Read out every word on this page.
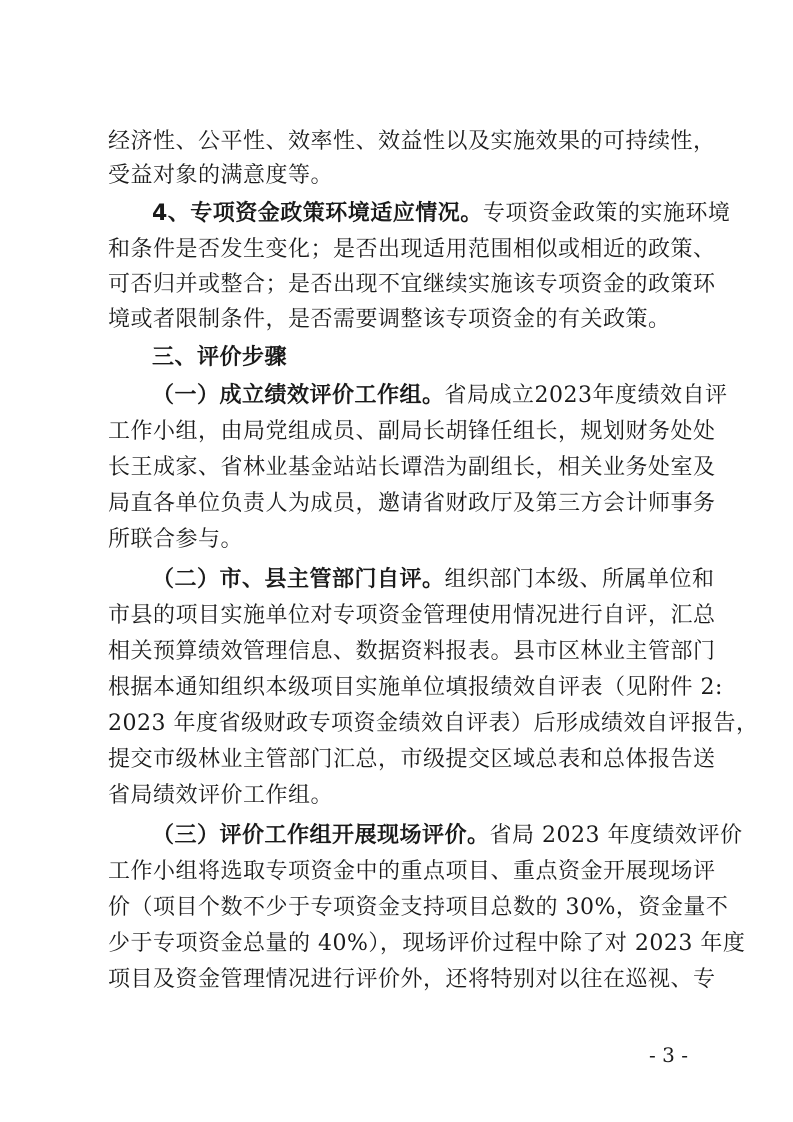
经济性、公平性、效率性、效益性以及实施效果的可持续性，
受益对象的满意度等。
4、专项资金政策环境适应情况。专项资金政策的实施环境
和条件是否发生变化；是否出现适用范围相似或相近的政策、
可否归并或整合；是否出现不宜继续实施该专项资金的政策环
境或者限制条件，是否需要调整该专项资金的有关政策。
三、评价步骤
（一）成立绩效评价工作组。省局成立2023年度绩效自评
工作小组，由局党组成员、副局长胡锋任组长，规划财务处处
长王成家、省林业基金站站长谭浩为副组长，相关业务处室及
局直各单位负责人为成员，邀请省财政厅及第三方会计师事务
所联合参与。
（二）市、县主管部门自评。组织部门本级、所属单位和
市县的项目实施单位对专项资金管理使用情况进行自评，汇总
相关预算绩效管理信息、数据资料报表。县市区林业主管部门
根据本通知组织本级项目实施单位填报绩效自评表（见附件 2:
2023 年度省级财政专项资金绩效自评表）后形成绩效自评报告，
提交市级林业主管部门汇总，市级提交区域总表和总体报告送
省局绩效评价工作组。
（三）评价工作组开展现场评价。省局 2023 年度绩效评价
工作小组将选取专项资金中的重点项目、重点资金开展现场评
价（项目个数不少于专项资金支持项目总数的 30%，资金量不
少于专项资金总量的 40%），现场评价过程中除了对 2023 年度
项目及资金管理情况进行评价外，还将特别对以往在巡视、专
- 3 -
